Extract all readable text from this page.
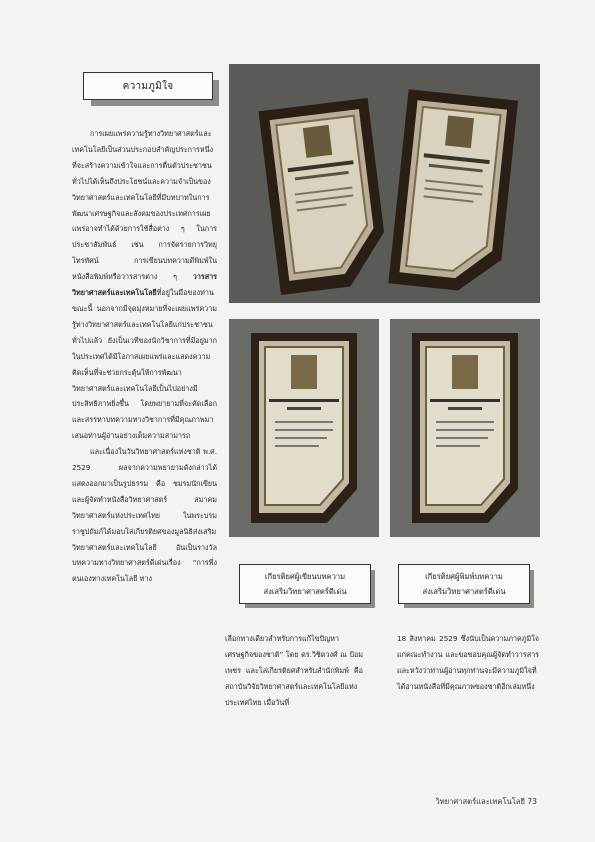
ความภูมิใจ

การเผยแพร่ความรู้ทางวิทยาศาสตร์และเทคโนโลยีเป็นส่วนประกอบสำคัญประการหนึ่งที่จะสร้างความเข้าใจและการตื่นตัวประชาชนทั่วไปได้เห็นถึงประโยชน์และความจำเป็นของวิทยาศาสตร์และเทคโนโลยีที่มีบทบาทในการพัฒนาเศรษฐกิจและสังคมของประเทศการเผยแพร่อาจทำได้ด้วยการใช้สื่อต่าง ๆ ในการประชาสัมพันธ์ เช่น การจัดรายการวิทยุ โทรทัศน์ การเขียนบทความดีพิมพ์ในหนังสือพิมพ์หรือวารสารต่าง ๆ วารสารวิทยาศาสตร์และเทคโนโลยีที่อยู่ในมือของท่านขณะนี้ นอกจากมีจุดมุ่งหมายที่จะเผยแพร่ความรู้ทางวิทยาศาสตร์และเทคโนโลยีแก่ประชาชนทั่วไปแล้ว ยังเป็นเวทีของนักวิชาการที่มีอยู่มากในประเทศได้มีโอกาสเผยแพร่และแสดงความคิดเห็นที่จะช่วยกระตุ้นให้การพัฒนาวิทยาศาสตร์และเทคโนโลยีเป็นไปอย่างมีประสิทธิภาพยิ่งขึ้น โดยพยายามที่จะคัดเลือกและสรรหาบทความทางวิชาการที่มีคุณภาพมาเสนอท่านผู้อ่านอย่างเต็มความสามารถ

และเนื่องในวันวิทยาศาสตร์แห่งชาติ พ.ศ. 2529 ผลจากความพยายามดังกล่าวได้แสดงออกมาเป็นรูปธรรม คือ ชมรมนักเขียนและผู้จัดทำหนังสือวิทยาศาสตร์ สมาคมวิทยาศาสตร์แห่งประเทศไทย ในพระบรมราชูปถัมภ์ได้มอบโล่เกียรติยศของมูลนิธิส่งเสริมวิทยาศาสตร์และเทคโนโลยี อันเป็นรางวัลบทความทางวิทยาศาสตร์ดีเด่นเรื่อง “การพึ่งตนเองทางเทคโนโลยี ทาง	เกียรติยศผู้เขียนบทความ
ส่งเสริมวิทยาศาสตร์ดีเด่น
เกียรติยศผู้พิมพ์บทความ
ส่งเสริมวิทยาศาสตร์ดีเด่น

เลือกทางเดียวสำหรับการแก้ไขปัญหาเศรษฐกิจของชาติ” โดย ดร.วิชิตวงศ์ ณ ป้อมเพชร และโล่เกียรติยศสำหรับสำนักพิมพ์ คือ สถาบันวิจัยวิทยาศาสตร์และเทคโนโลยีแห่งประเทศไทย เมื่อวันที่

18 สิงหาคม 2529 ซึ่งนับเป็นความภาคภูมิใจแก่คณะทำงาน และขอขอบคุณผู้จัดทำวารสาร และหวังว่าท่านผู้อ่านทุกท่านจะมีความภูมิใจที่ได้อ่านหนังสือที่มีคุณภาพของชาติอีกเล่มหนึ่ง

วิทยาศาสตร์และเทคโนโลยี 73
